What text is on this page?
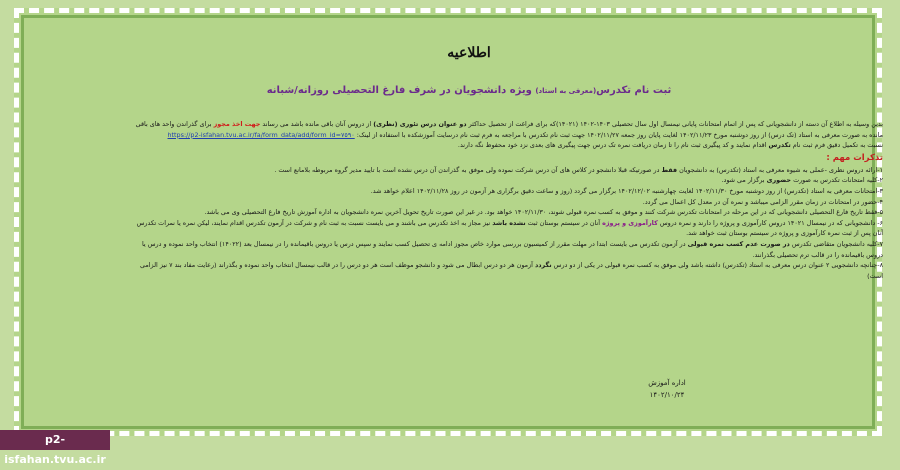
اطلاعیه
ثبت نام تکدرس(معرفی به استاد) ویژه دانشجویان در شرف فارغ التحصیلی روزانه/شبانه
بدین وسیله به اطلاع آن دسته از دانشجویانی که پس از اتمام امتحانات پایانی نیمسال اول سال تحصیلی ۱۴۰۳-۱۴۰۲ (۱۴۰۲۱)که برای فراغت از تحصیل حداکثر دو عنوان درس تئوری (نظری) از دروس آنان باقی مانده باشد می رساند جهت اخذ مجوز برای گذراندن واحد های باقی
مانده به صورت معرفی به استاد (تک درس) از روز دوشنبه مورخ ۱۴۰۲/۱۱/۲۳ لغایت پایان روز جمعه ۱۴۰۲/۱۱/۲۷ جهت ثبت نام تکدرس با مراجعه به فرم ثبت نام درسایت آموزشکده با استفاده از لینک: https://p2-isfahan.tvu.ac.ir/fa/form_data/add/form_id=٧٥٩٠
نسبت به تکمیل دقیق فرم ثبت نام تکدرس اقدام نمایند و کد پیگیری ثبت نام را تا زمان دریافت نمره تک درس جهت پیگیری های بعدی نزد خود محفوظ نگه دارند.
تذکرات مهم :
۱-ارائه دروس نظری -عملی به شیوه معرفی به استاد (تکدرس) به دانشجویان فقط در صورتیکه قبلا دانشجو در کلاس های آن درس شرکت نموده ولی موفق به گذراندن آن درس نشده است با تایید مدیر گروه مربوطه بلامانع است .
۲-کلیه امتحانات تکدرس به صورت حضوری برگزار می شود.
۳-امتحانات معرفی به استاد (تکدرس) از روز دوشنبه مورخ ۱۴۰۲/۱۱/۳۰ لغایت چهارشنبه ۱۴۰۲/۱۲/۰۲ برگزار می گردد (روز و ساعت دقیق برگزاری هر آزمون در روز ۱۴۰۲/۱۱/۲۸ اعلام خواهد شد.
۴-حضور در امتحانات در زمان مقرر الزامی میباشد و نمره آن در معدل کل اعمال می گردد.
۵-فقط تاریخ فارغ التحصیلی دانشجویانی که در این مرحله در امتحانات تکدرس شرکت کنند و موفق به کسب نمره قبولی شوند، ۱۴۰۲/۱۱/۳۰ خواهد بود. در غیر این صورت تاریخ تحویل آخرین نمره دانشجویان به اداره آموزش تاریخ فارغ التحصیلی وی می باشد.
۶- دانشجویانی که در نیمسال ۱۴۰۲۱ دروس کارآموزی و پروژه را دارند و نمره دروس کارآموزی و پروژه آنان در سیستم بوستان ثبت نشده باشد نیز مجاز به اخذ تکدرس می باشند و می بایست نسبت به ثبت نام و شرکت در آزمون تکدرس اقدام نمایند، لیکن نمره یا نمرات تکدرس
آنان پس از ثبت نمره کارآموزی و پروژه در سیستم بوستان ثبت خواهد شد.
۷-کلیه دانشجویان متقاضی تکدرس در صورت عدم کسب نمره قبولی در آزمون تکدرس می بایست ابتدا در مهلت مقرر از کمیسیون بررسی موارد خاص مجوز ادامه ی تحصیل کسب نمایند و سپس درس یا دروس باقیمانده را در نیمسال بعد (۱۴۰۲۲) انتخاب واحد نموده و درس یا
دروس باقیمانده را در قالب ترم تحصیلی بگذرانند.
۸-چنانچه دانشجویی ۲ عنوان درس معرفی به استاد (تکدرس) داشته باشد ولی موفق به کسب نمره قبولی در یکی از دو درس نگردد آزمون هر دو درس ابطال می شود و دانشجو موظف است هر دو درس را در قالب نیمسال انتخاب واحد نموده و بگذراند (رعایت مفاد بند ۷ نیز الزامی
است)
اداره آموزش
۱۴۰۲/۱۰/۲۴
p2-isfahan.tvu.ac.ir
